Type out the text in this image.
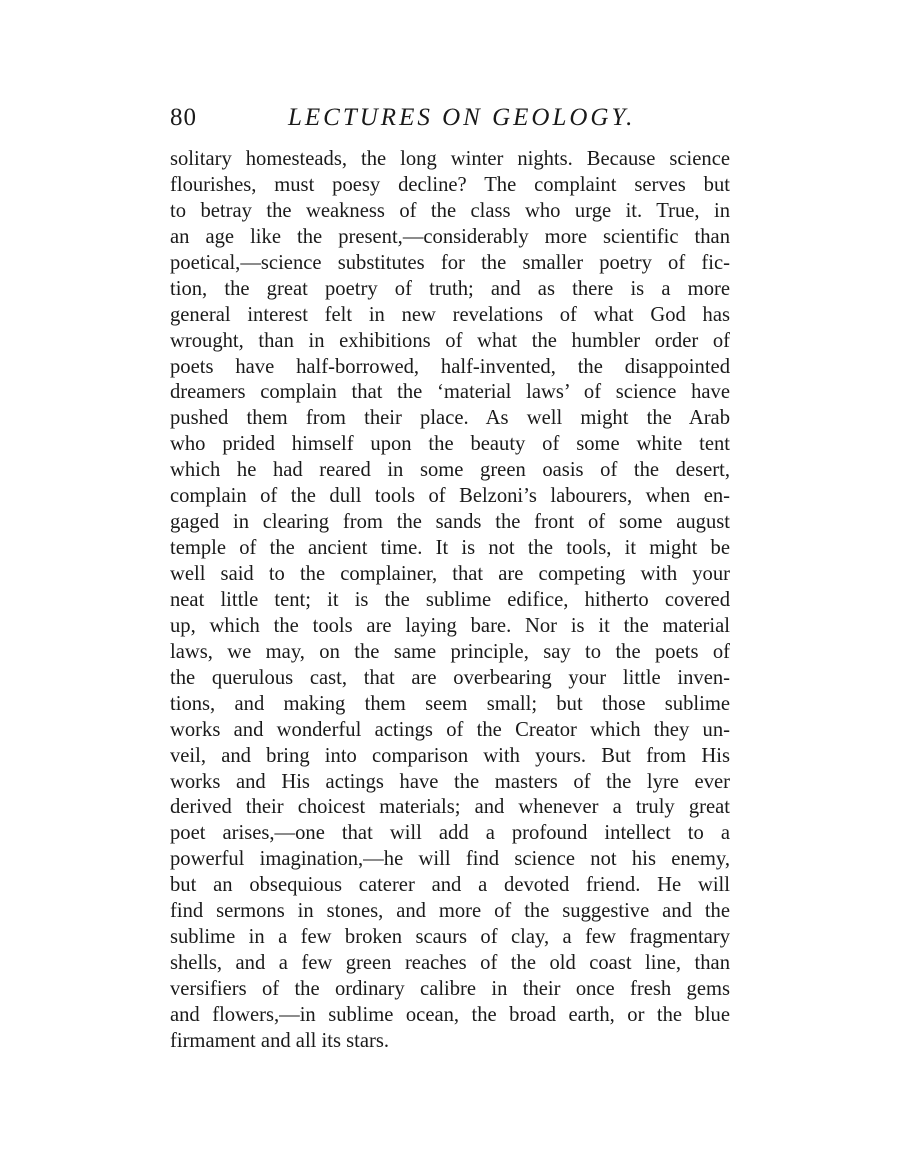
80	LECTURES ON GEOLOGY.
solitary homesteads, the long winter nights. Because science
flourishes, must poesy decline? The complaint serves but
to betray the weakness of the class who urge it. True, in
an age like the present,—considerably more scientific than
poetical,—science substitutes for the smaller poetry of fic-
tion, the great poetry of truth; and as there is a more
general interest felt in new revelations of what God has
wrought, than in exhibitions of what the humbler order of
poets have half-borrowed, half-invented, the disappointed
dreamers complain that the ‘material laws’ of science have
pushed them from their place. As well might the Arab
who prided himself upon the beauty of some white tent
which he had reared in some green oasis of the desert,
complain of the dull tools of Belzoni’s labourers, when en-
gaged in clearing from the sands the front of some august
temple of the ancient time. It is not the tools, it might be
well said to the complainer, that are competing with your
neat little tent; it is the sublime edifice, hitherto covered
up, which the tools are laying bare. Nor is it the material
laws, we may, on the same principle, say to the poets of
the querulous cast, that are overbearing your little inven-
tions, and making them seem small; but those sublime
works and wonderful actings of the Creator which they un-
veil, and bring into comparison with yours. But from His
works and His actings have the masters of the lyre ever
derived their choicest materials; and whenever a truly great
poet arises,—one that will add a profound intellect to a
powerful imagination,—he will find science not his enemy,
but an obsequious caterer and a devoted friend. He will
find sermons in stones, and more of the suggestive and the
sublime in a few broken scaurs of clay, a few fragmentary
shells, and a few green reaches of the old coast line, than
versifiers of the ordinary calibre in their once fresh gems
and flowers,—in sublime ocean, the broad earth, or the blue
firmament and all its stars.
